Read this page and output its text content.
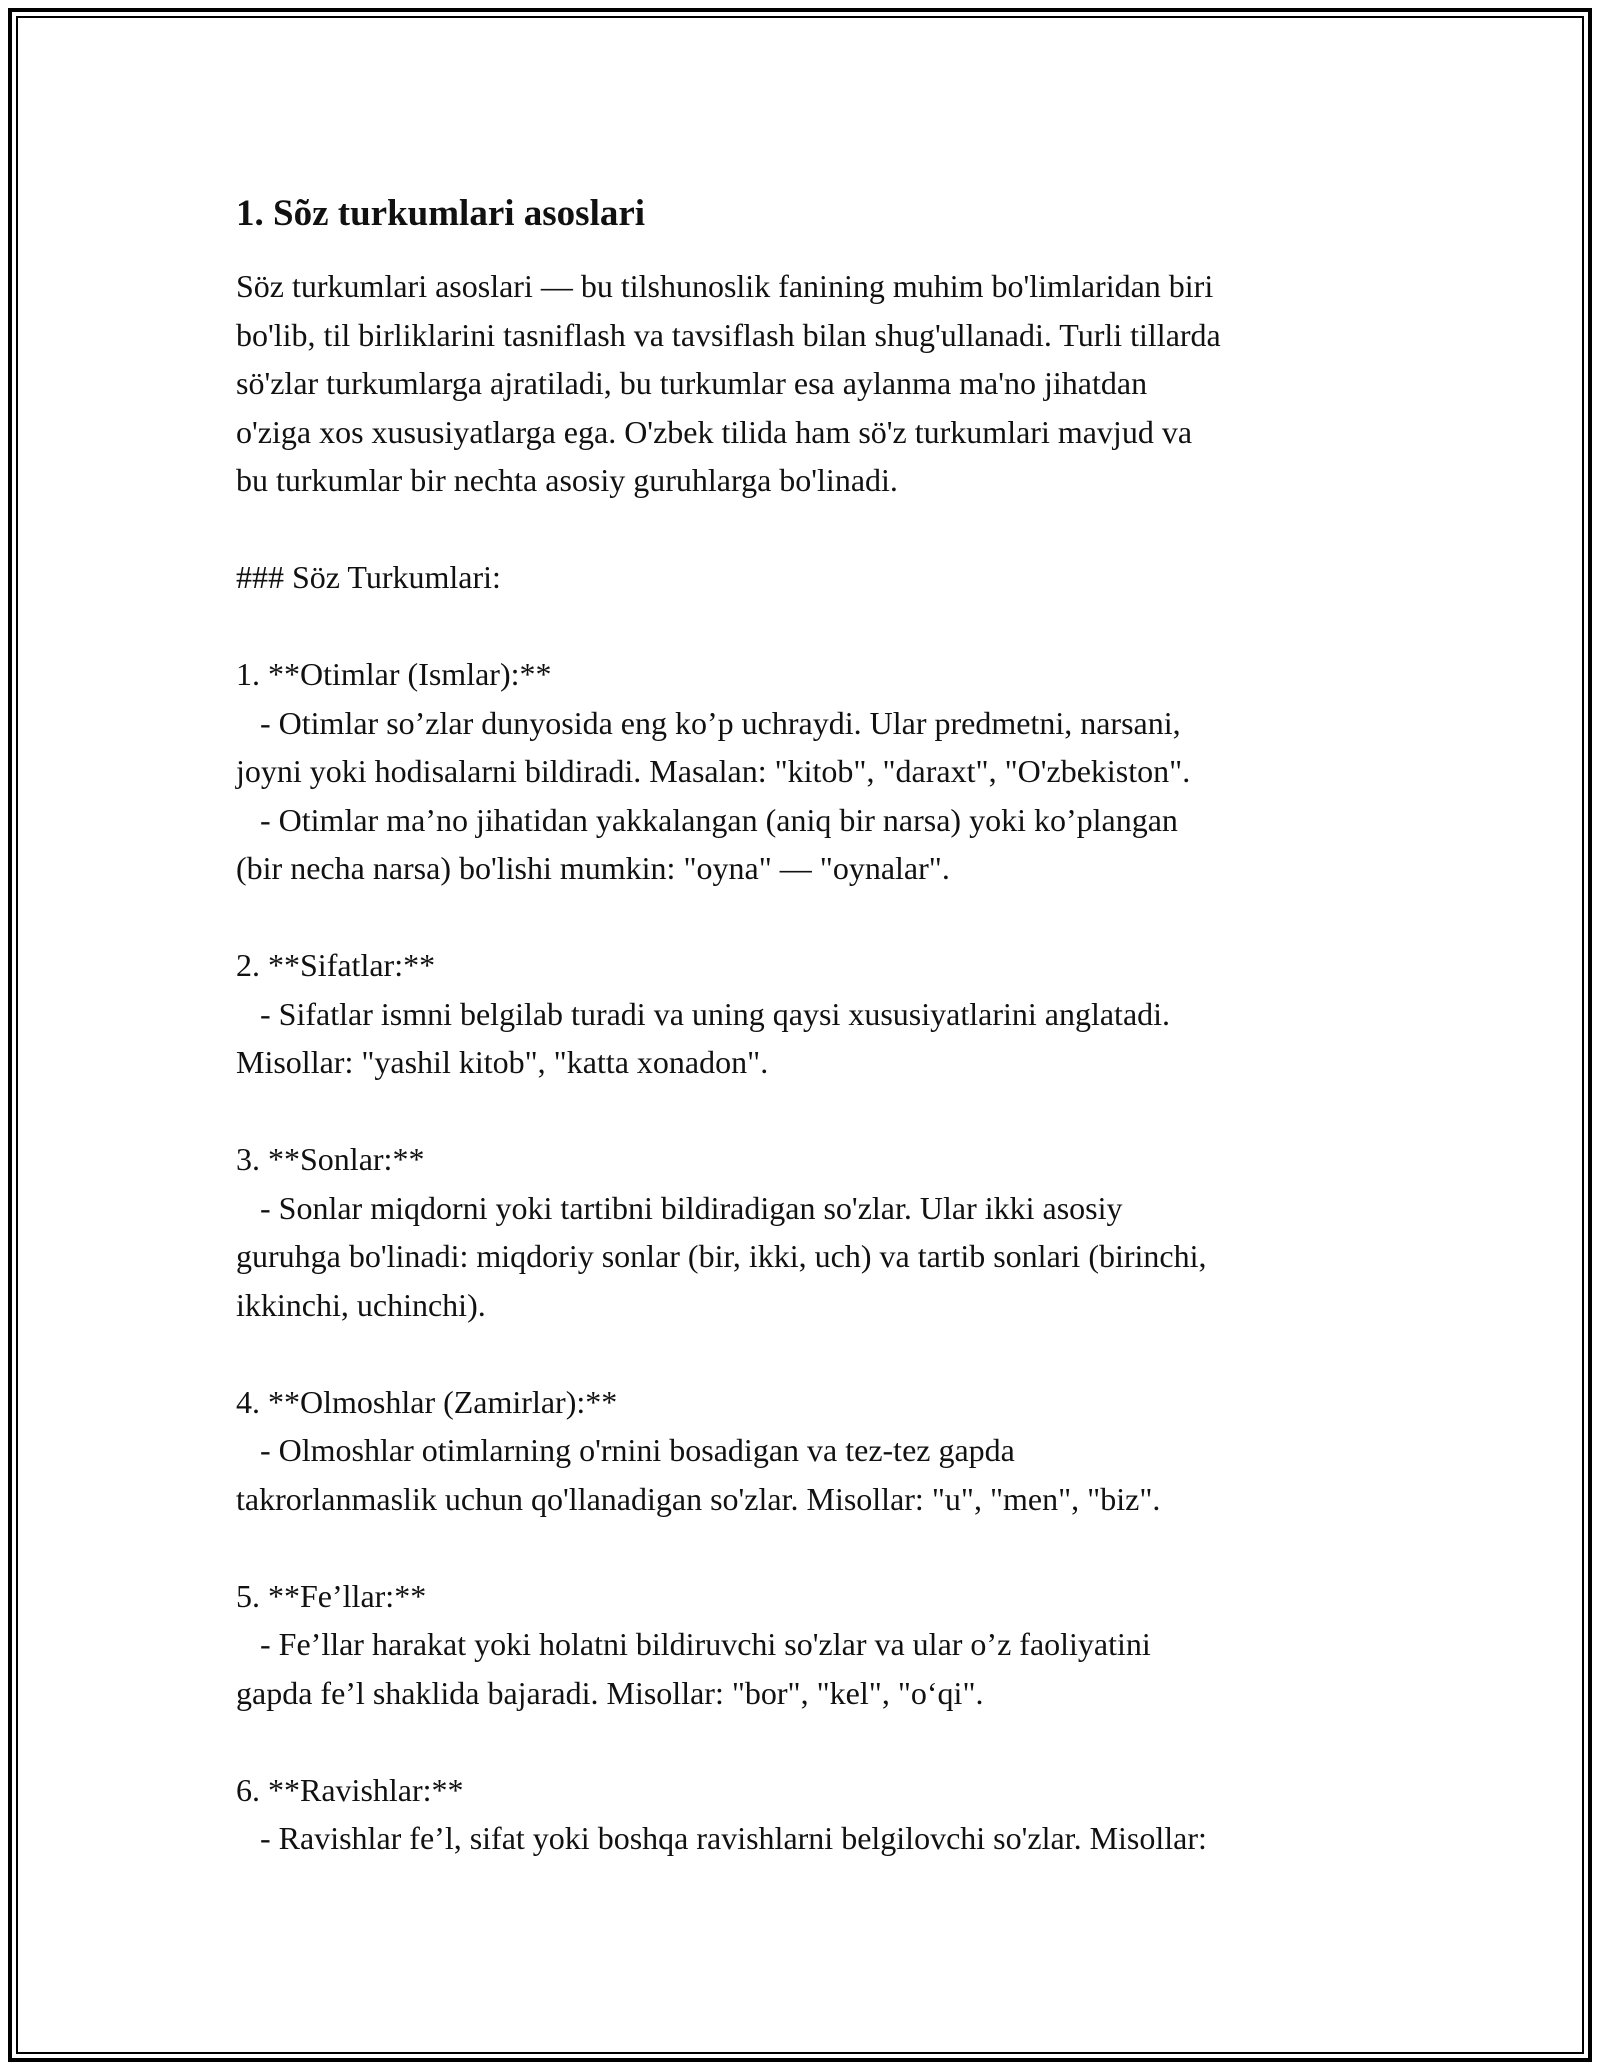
1. Sõz turkumlari asoslari
Söz turkumlari asoslari — bu tilshunoslik fanining muhim bo'limlaridan biri
bo'lib, til birliklarini tasniflash va tavsiflash bilan shug'ullanadi. Turli tillarda
sö'zlar turkumlarga ajratiladi, bu turkumlar esa aylanma ma'no jihatdan
o'ziga xos xususiyatlarga ega. O'zbek tilida ham sö'z turkumlari mavjud va
bu turkumlar bir nechta asosiy guruhlarga bo'linadi.
### Söz Turkumlari:
1. **Otimlar (Ismlar):**
- Otimlar so’zlar dunyosida eng ko’p uchraydi. Ular predmetni, narsani,
joyni yoki hodisalarni bildiradi. Masalan: "kitob", "daraxt", "O'zbekiston".
- Otimlar ma’no jihatidan yakkalangan (aniq bir narsa) yoki ko’plangan
(bir necha narsa) bo'lishi mumkin: "oyna" — "oynalar".
2. **Sifatlar:**
- Sifatlar ismni belgilab turadi va uning qaysi xususiyatlarini anglatadi.
Misollar: "yashil kitob", "katta xonadon".
3. **Sonlar:**
- Sonlar miqdorni yoki tartibni bildiradigan so'zlar. Ular ikki asosiy
guruhga bo'linadi: miqdoriy sonlar (bir, ikki, uch) va tartib sonlari (birinchi,
ikkinchi, uchinchi).
4. **Olmoshlar (Zamirlar):**
- Olmoshlar otimlarning o'rnini bosadigan va tez-tez gapda
takrorlanmaslik uchun qo'llanadigan so'zlar. Misollar: "u", "men", "biz".
5. **Fe’llar:**
- Fe’llar harakat yoki holatni bildiruvchi so'zlar va ular o’z faoliyatini
gapda fe’l shaklida bajaradi. Misollar: "bor", "kel", "o‘qi".
6. **Ravishlar:**
- Ravishlar fe’l, sifat yoki boshqa ravishlarni belgilovchi so'zlar. Misollar:
